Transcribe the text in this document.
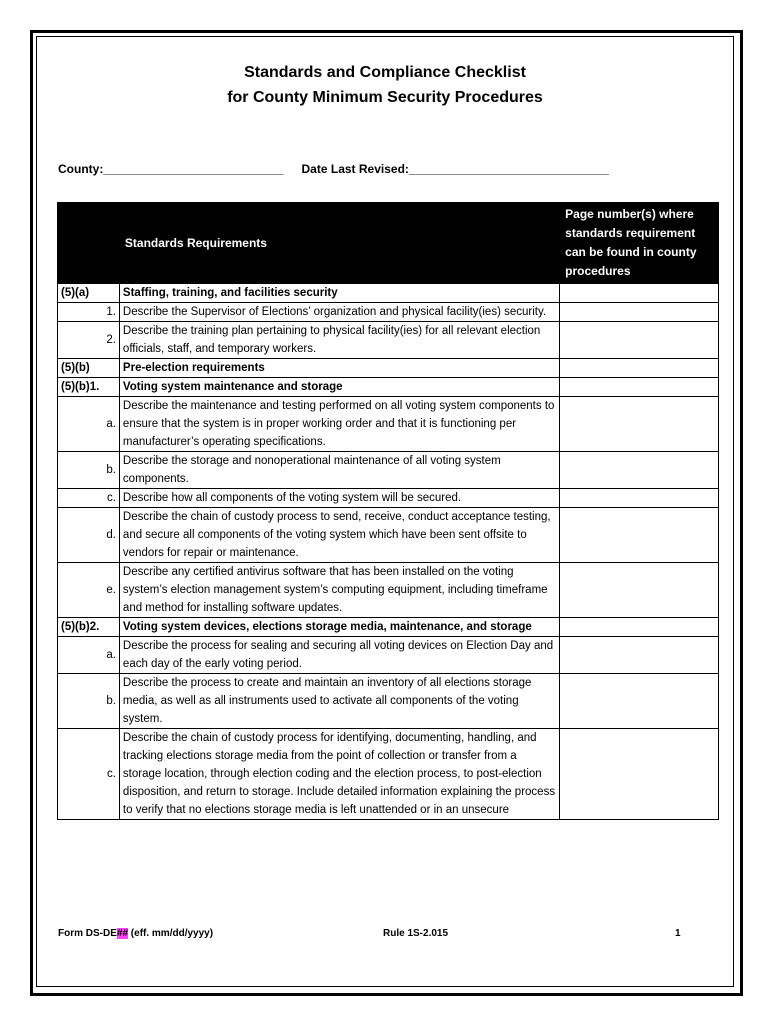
Standards and Compliance Checklist
for County Minimum Security Procedures
County:___________________________ Date Last Revised:______________________________
	Standards Requirements	Page number(s) where standards requirement can be found in county procedures
(5)(a)	Staffing, training, and facilities security	
1.	Describe the Supervisor of Elections’ organization and physical facility(ies) security.	
2.	Describe the training plan pertaining to physical facility(ies) for all relevant election officials, staff, and temporary workers.	
(5)(b)	Pre-election requirements	
(5)(b)1.	Voting system maintenance and storage	
a.	Describe the maintenance and testing performed on all voting system components to ensure that the system is in proper working order and that it is functioning per manufacturer’s operating specifications.	
b.	Describe the storage and nonoperational maintenance of all voting system components.	
c.	Describe how all components of the voting system will be secured.	
d.	Describe the chain of custody process to send, receive, conduct acceptance testing, and secure all components of the voting system which have been sent offsite to vendors for repair or maintenance.	
e.	Describe any certified antivirus software that has been installed on the voting system’s election management system’s computing equipment, including timeframe and method for installing software updates.	
(5)(b)2.	Voting system devices, elections storage media, maintenance, and storage	
a.	Describe the process for sealing and securing all voting devices on Election Day and each day of the early voting period.	
b.	Describe the process to create and maintain an inventory of all elections storage media, as well as all instruments used to activate all components of the voting system.	
c.	Describe the chain of custody process for identifying, documenting, handling, and tracking elections storage media from the point of collection or transfer from a storage location, through election coding and the election process, to post-election disposition, and return to storage. Include detailed information explaining the process to verify that no elections storage media is left unattended or in an unsecure	
Form DS-DE## (eff. mm/dd/yyyy)	Rule 1S-2.015	1
